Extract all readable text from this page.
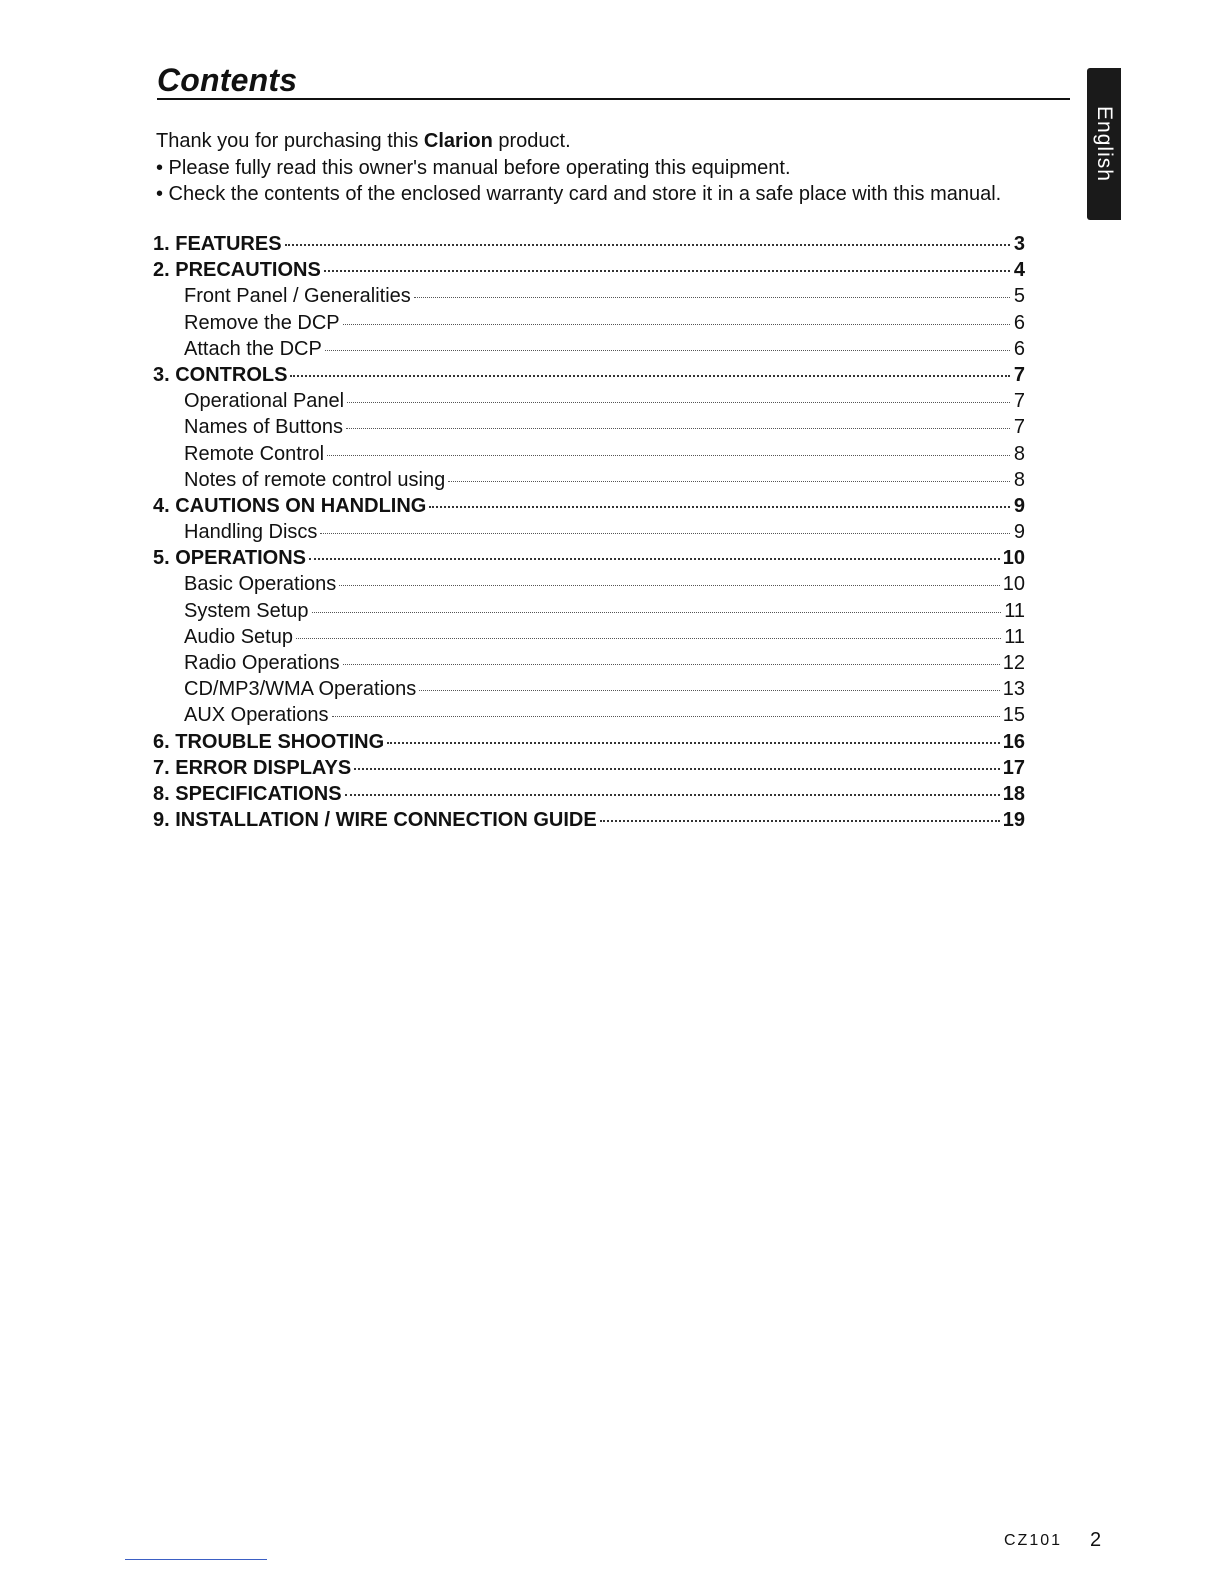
Contents
English

Thank you for purchasing this Clarion product.

• Please fully read this owner's manual before operating this equipment.

• Check the contents of the enclosed warranty card and store it in a safe place with this manual.

1. FEATURES	3
2. PRECAUTIONS	4
Front Panel / Generalities	5
Remove the DCP	6
Attach the DCP	6
3. CONTROLS	7
Operational Panel	7
Names of Buttons	7
Remote Control	8
Notes of remote control using	8
4. CAUTIONS ON HANDLING	9
Handling Discs	9
5. OPERATIONS	10
Basic Operations	10
System Setup	11
Audio Setup	11
Radio Operations	12
CD/MP3/WMA Operations	13
AUX Operations	15
6. TROUBLE SHOOTING	16
7. ERROR DISPLAYS	17
8. SPECIFICATIONS	18
9. INSTALLATION / WIRE CONNECTION GUIDE	19
CZ101 2
